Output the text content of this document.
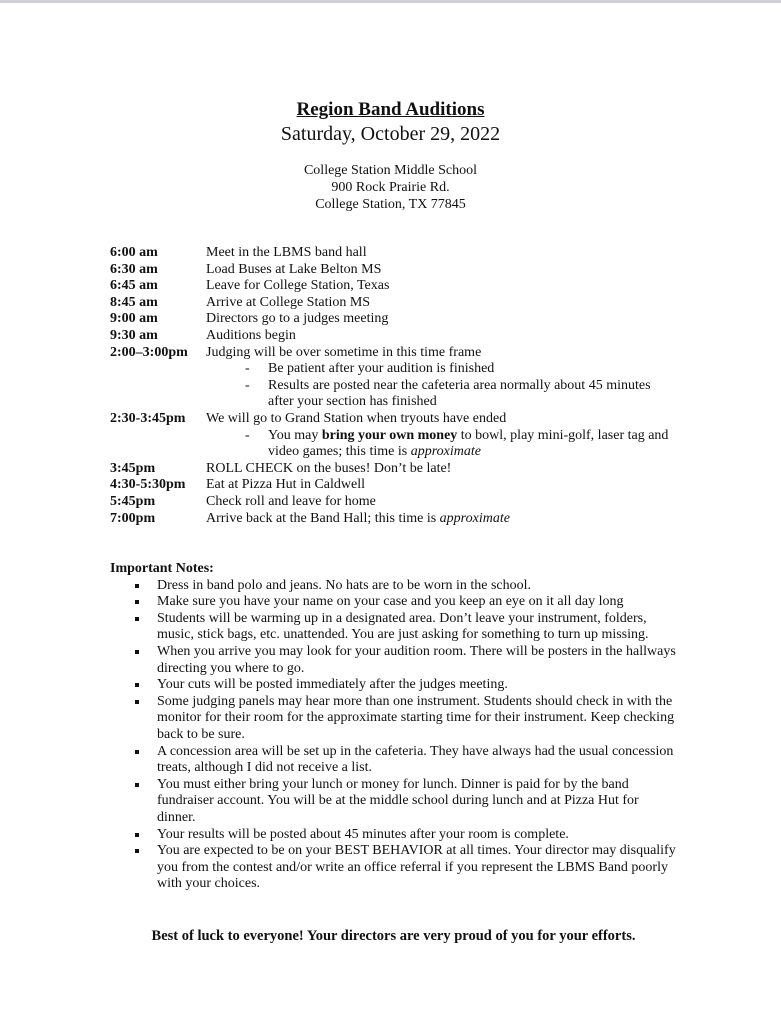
Region Band Auditions
Saturday, October 29, 2022
College Station Middle School
900 Rock Prairie Rd.
College Station, TX 77845
6:00 am	Meet in the LBMS band hall
6:30 am	Load Buses at Lake Belton MS
6:45 am	Leave for College Station, Texas
8:45 am	Arrive at College Station MS
9:00 am	Directors go to a judges meeting
9:30 am	Auditions begin
2:00–3:00pm	Judging will be over sometime in this time frame
-	Be patient after your audition is finished
-	Results are posted near the cafeteria area normally about 45 minutes after your section has finished
2:30-3:45pm	We will go to Grand Station when tryouts have ended
-	You may bring your own money to bowl, play mini-golf, laser tag and video games; this time is approximate
3:45pm	ROLL CHECK on the buses! Don’t be late!
4:30-5:30pm	Eat at Pizza Hut in Caldwell
5:45pm	Check roll and leave for home
7:00pm	Arrive back at the Band Hall; this time is approximate
Important Notes:
Dress in band polo and jeans. No hats are to be worn in the school.
Make sure you have your name on your case and you keep an eye on it all day long
Students will be warming up in a designated area. Don’t leave your instrument, folders, music, stick bags, etc. unattended. You are just asking for something to turn up missing.
When you arrive you may look for your audition room. There will be posters in the hallways directing you where to go.
Your cuts will be posted immediately after the judges meeting.
Some judging panels may hear more than one instrument. Students should check in with the monitor for their room for the approximate starting time for their instrument. Keep checking back to be sure.
A concession area will be set up in the cafeteria. They have always had the usual concession treats, although I did not receive a list.
You must either bring your lunch or money for lunch. Dinner is paid for by the band fundraiser account. You will be at the middle school during lunch and at Pizza Hut for dinner.
Your results will be posted about 45 minutes after your room is complete.
You are expected to be on your BEST BEHAVIOR at all times. Your director may disqualify you from the contest and/or write an office referral if you represent the LBMS Band poorly with your choices.
Best of luck to everyone! Your directors are very proud of you for your efforts.
